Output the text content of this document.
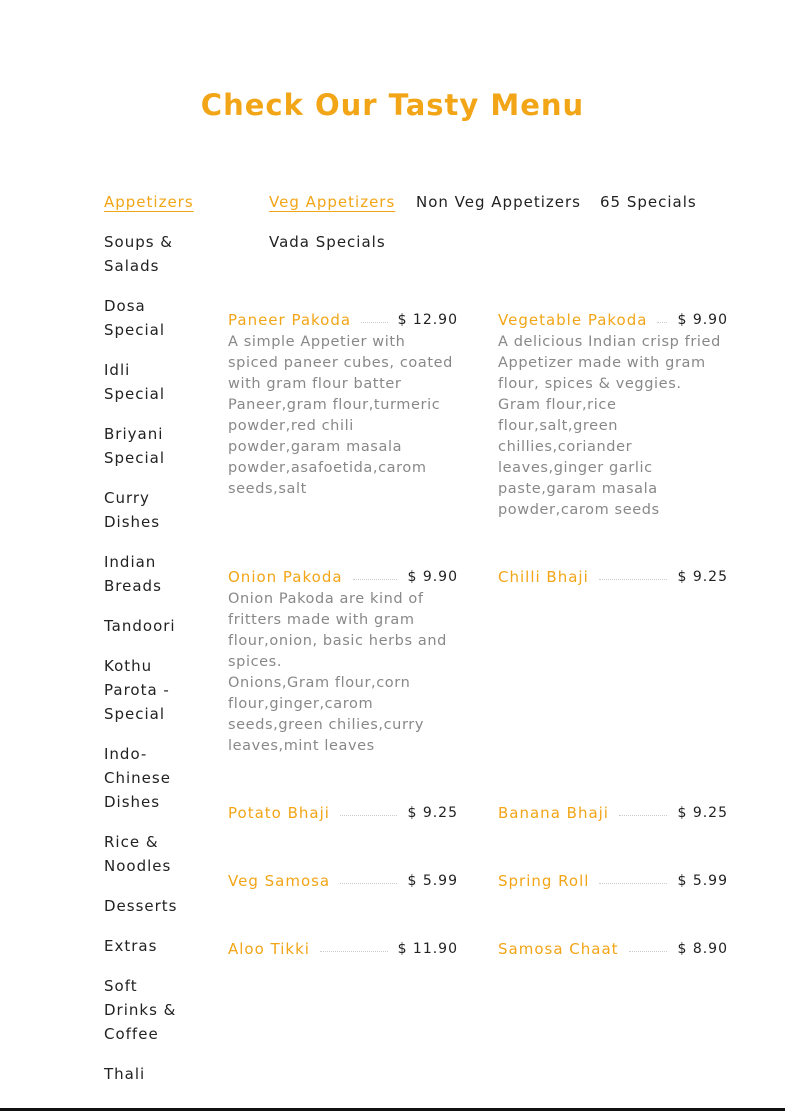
Check Our Tasty Menu
Appetizers
Soups & Salads
Dosa Special
Idli Special
Briyani Special
Curry Dishes
Indian Breads
Tandoori
Kothu Parota - Special
Indo-Chinese Dishes
Rice & Noodles
Desserts
Extras
Soft Drinks & Coffee
Thali
Veg Appetizers Non Veg Appetizers 65 Specials
Vada Specials
Paneer Pakoda	$ 12.90

A simple Appetier with spiced paneer cubes, coated with gram flour batter

Paneer,gram flour,turmeric powder,red chili powder,garam masala powder,asafoetida,carom seeds,salt

Vegetable Pakoda $ 9.90

A delicious Indian crisp fried Appetizer made with gram flour, spices & veggies.

Gram flour,rice flour,salt,green chillies,coriander leaves,ginger garlic paste,garam masala powder,carom seeds

Onion Pakoda	$ 9.90

Onion Pakoda are kind of fritters made with gram flour,onion, basic herbs and spices.

Onions,Gram flour,corn flour,ginger,carom seeds,green chilies,curry leaves,mint leaves

Chilli Bhaji	$ 9.25
Potato Bhaji	$ 9.25	Banana Bhaji	$ 9.25
Veg Samosa	$ 5.99	Spring Roll	$ 5.99
Aloo Tikki	$ 11.90	Samosa Chaat	$ 8.90
